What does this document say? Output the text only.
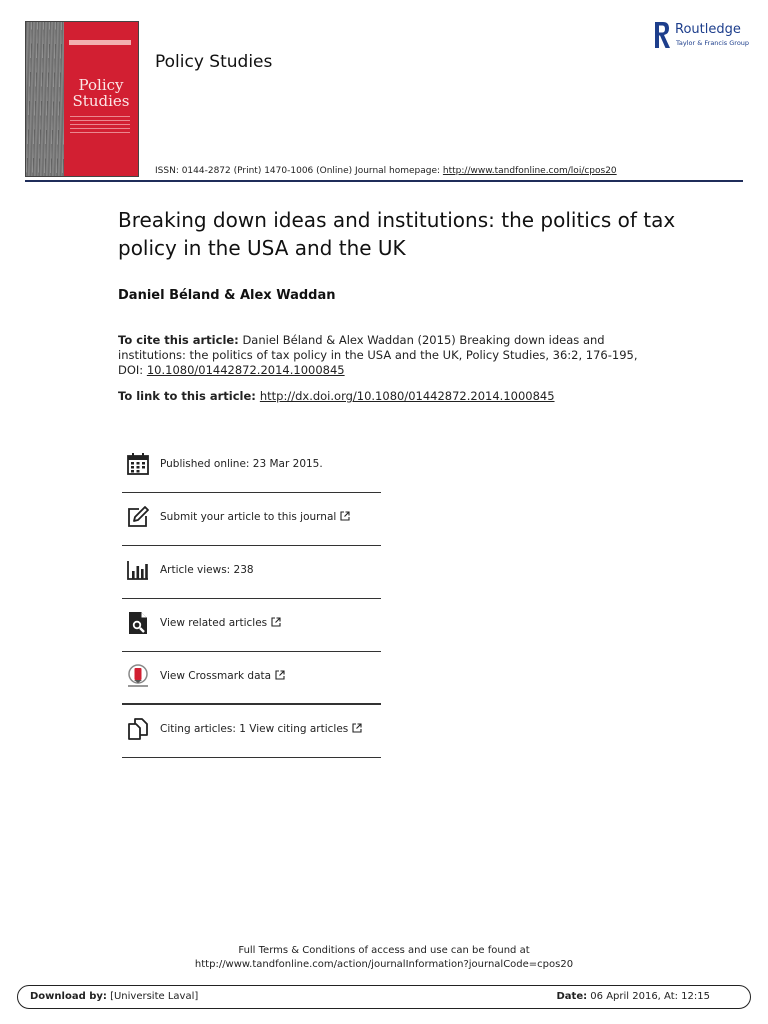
Policy Studies
Policy Studies
ISSN: 0144-2872 (Print) 1470-1006 (Online) Journal homepage: http://www.tandfonline.com/loi/cpos20
Routledge
Taylor & Francis Group
Breaking down ideas and institutions: the politics of tax policy in the USA and the UK
Daniel Béland & Alex Waddan
To cite this article: Daniel Béland & Alex Waddan (2015) Breaking down ideas and institutions: the politics of tax policy in the USA and the UK, Policy Studies, 36:2, 176-195, DOI: 10.1080/01442872.2014.1000845
To link to this article: http://dx.doi.org/10.1080/01442872.2014.1000845
Published online: 23 Mar 2015.
Submit your article to this journal
Article views: 238
View related articles
View Crossmark data
Citing articles: 1 View citing articles
Full Terms & Conditions of access and use can be found at
http://www.tandfonline.com/action/journalInformation?journalCode=cpos20
Download by: [Universite Laval]	Date: 06 April 2016, At: 12:15
